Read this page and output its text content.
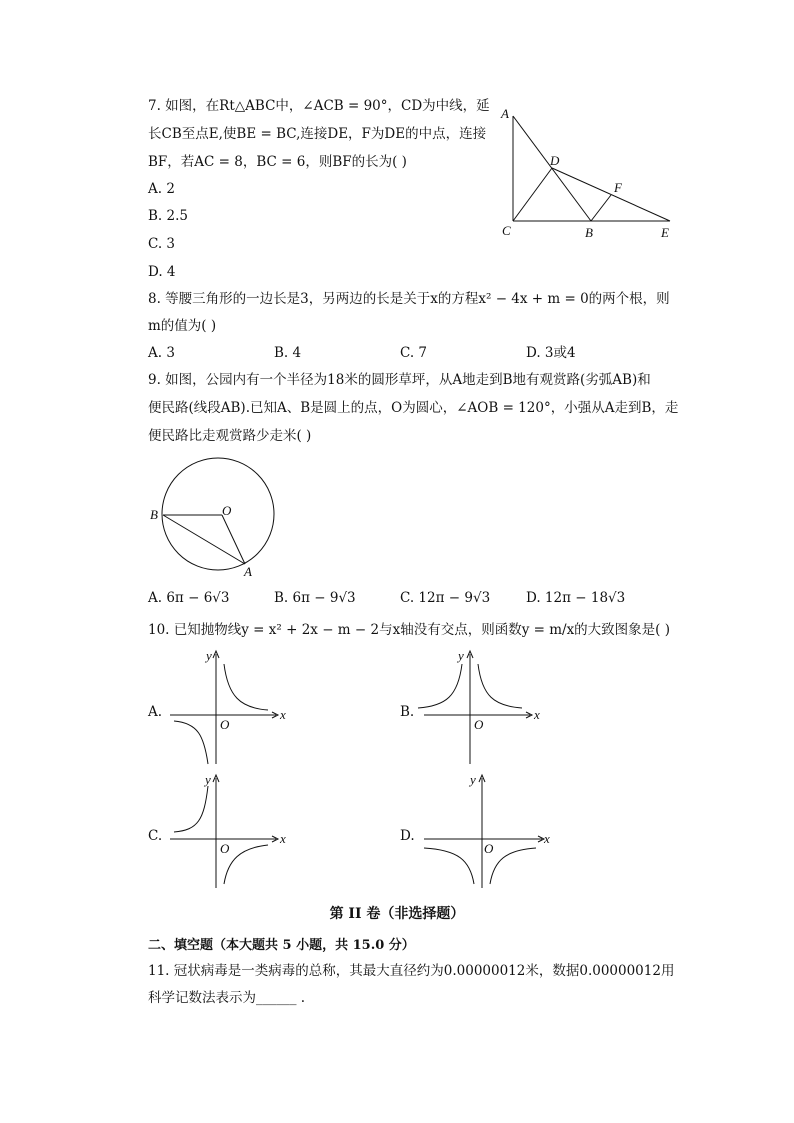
7. 如图，在Rt△ABC中，∠ACB = 90°，CD为中线，延
长CB至点E,使BE = BC,连接DE，F为DE的中点，连接
BF，若AC = 8，BC = 6，则BF的长为( )
A. 2
B. 2.5
C. 3
D. 4
A
D
F
C	B	E
8. 等腰三角形的一边长是3，另两边的长是关于x的方程x² − 4x + m = 0的两个根，则
m的值为( )
A. 3	B. 4	C. 7	D. 3或4
9. 如图，公园内有一个半径为18米的圆形草坪，从A地走到B地有观赏路(劣弧AB)和
便民路(线段AB).已知A、B是圆上的点，O为圆心，∠AOB = 120°，小强从A走到B，走
便民路比走观赏路少走米( )
B	O
A
A. 6π − 6√3	B. 6π − 9√3	C. 12π − 9√3	D. 12π − 18√3
10. 已知抛物线y = x² + 2x − m − 2与x轴没有交点，则函数y = m/x的大致图象是( )
A.
y
x
O
B.
y
x
O
C.
y
x
O
D.
y
x
O
第 II 卷（非选择题）
二、填空题（本大题共 5 小题，共 15.0 分）
11. 冠状病毒是一类病毒的总称，其最大直径约为0.00000012米，数据0.00000012用
科学记数法表示为______ .
